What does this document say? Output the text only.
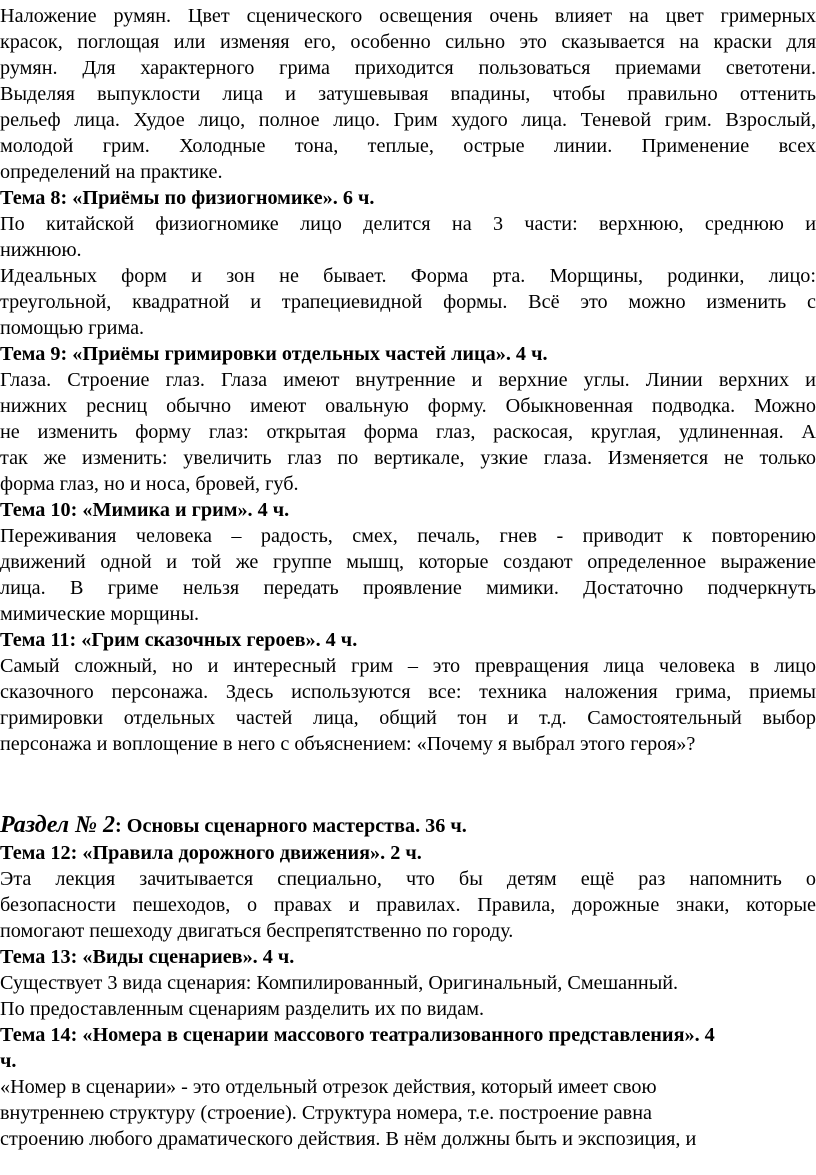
Наложение румян. Цвет сценического освещения очень влияет на цвет гримерных
красок, поглощая или изменяя его, особенно сильно это сказывается на краски для
румян. Для характерного грима приходится пользоваться приемами светотени.
Выделяя выпуклости лица и затушевывая впадины, чтобы правильно оттенить
рельеф лица. Худое лицо, полное лицо. Грим худого лица. Теневой грим. Взрослый,
молодой грим. Холодные тона, теплые, острые линии. Применение всех
определений на практике.
Тема 8: «Приёмы по физиогномике». 6 ч.
По китайской физиогномике лицо делится на 3 части: верхнюю, среднюю и
нижнюю.
Идеальных форм и зон не бывает. Форма рта. Морщины, родинки, лицо:
треугольной, квадратной и трапециевидной формы. Всё это можно изменить с
помощью грима.
Тема 9: «Приёмы гримировки отдельных частей лица». 4 ч.
Глаза. Строение глаз. Глаза имеют внутренние и верхние углы. Линии верхних и
нижних ресниц обычно имеют овальную форму. Обыкновенная подводка. Можно
не изменить форму глаз: открытая форма глаз, раскосая, круглая, удлиненная. А
так же изменить: увеличить глаз по вертикале, узкие глаза. Изменяется не только
форма глаз, но и носа, бровей, губ.
Тема 10: «Мимика и грим». 4 ч.
Переживания человека – радость, смех, печаль, гнев - приводит к повторению
движений одной и той же группе мышц, которые создают определенное выражение
лица. В гриме нельзя передать проявление мимики. Достаточно подчеркнуть
мимические морщины.
Тема 11: «Грим сказочных героев». 4 ч.
Самый сложный, но и интересный грим – это превращения лица человека в лицо
сказочного персонажа. Здесь используются все: техника наложения грима, приемы
гримировки отдельных частей лица, общий тон и т.д. Самостоятельный выбор
персонажа и воплощение в него с объяснением: «Почему я выбрал этого героя»?
Раздел № 2: Основы сценарного мастерства. 36 ч.
Тема 12: «Правила дорожного движения». 2 ч.
Эта лекция зачитывается специально, что бы детям ещё раз напомнить о
безопасности пешеходов, о правах и правилах. Правила, дорожные знаки, которые
помогают пешеходу двигаться беспрепятственно по городу.
Тема 13: «Виды сценариев». 4 ч.
Существует 3 вида сценария: Компилированный, Оригинальный, Смешанный.
По предоставленным сценариям разделить их по видам.
Тема 14: «Номера в сценарии массового театрализованного представления». 4
ч.
«Номер в сценарии» - это отдельный отрезок действия, который имеет свою
внутреннею структуру (строение). Структура номера, т.е. построение равна
строению любого драматического действия. В нём должны быть и экспозиция, и
